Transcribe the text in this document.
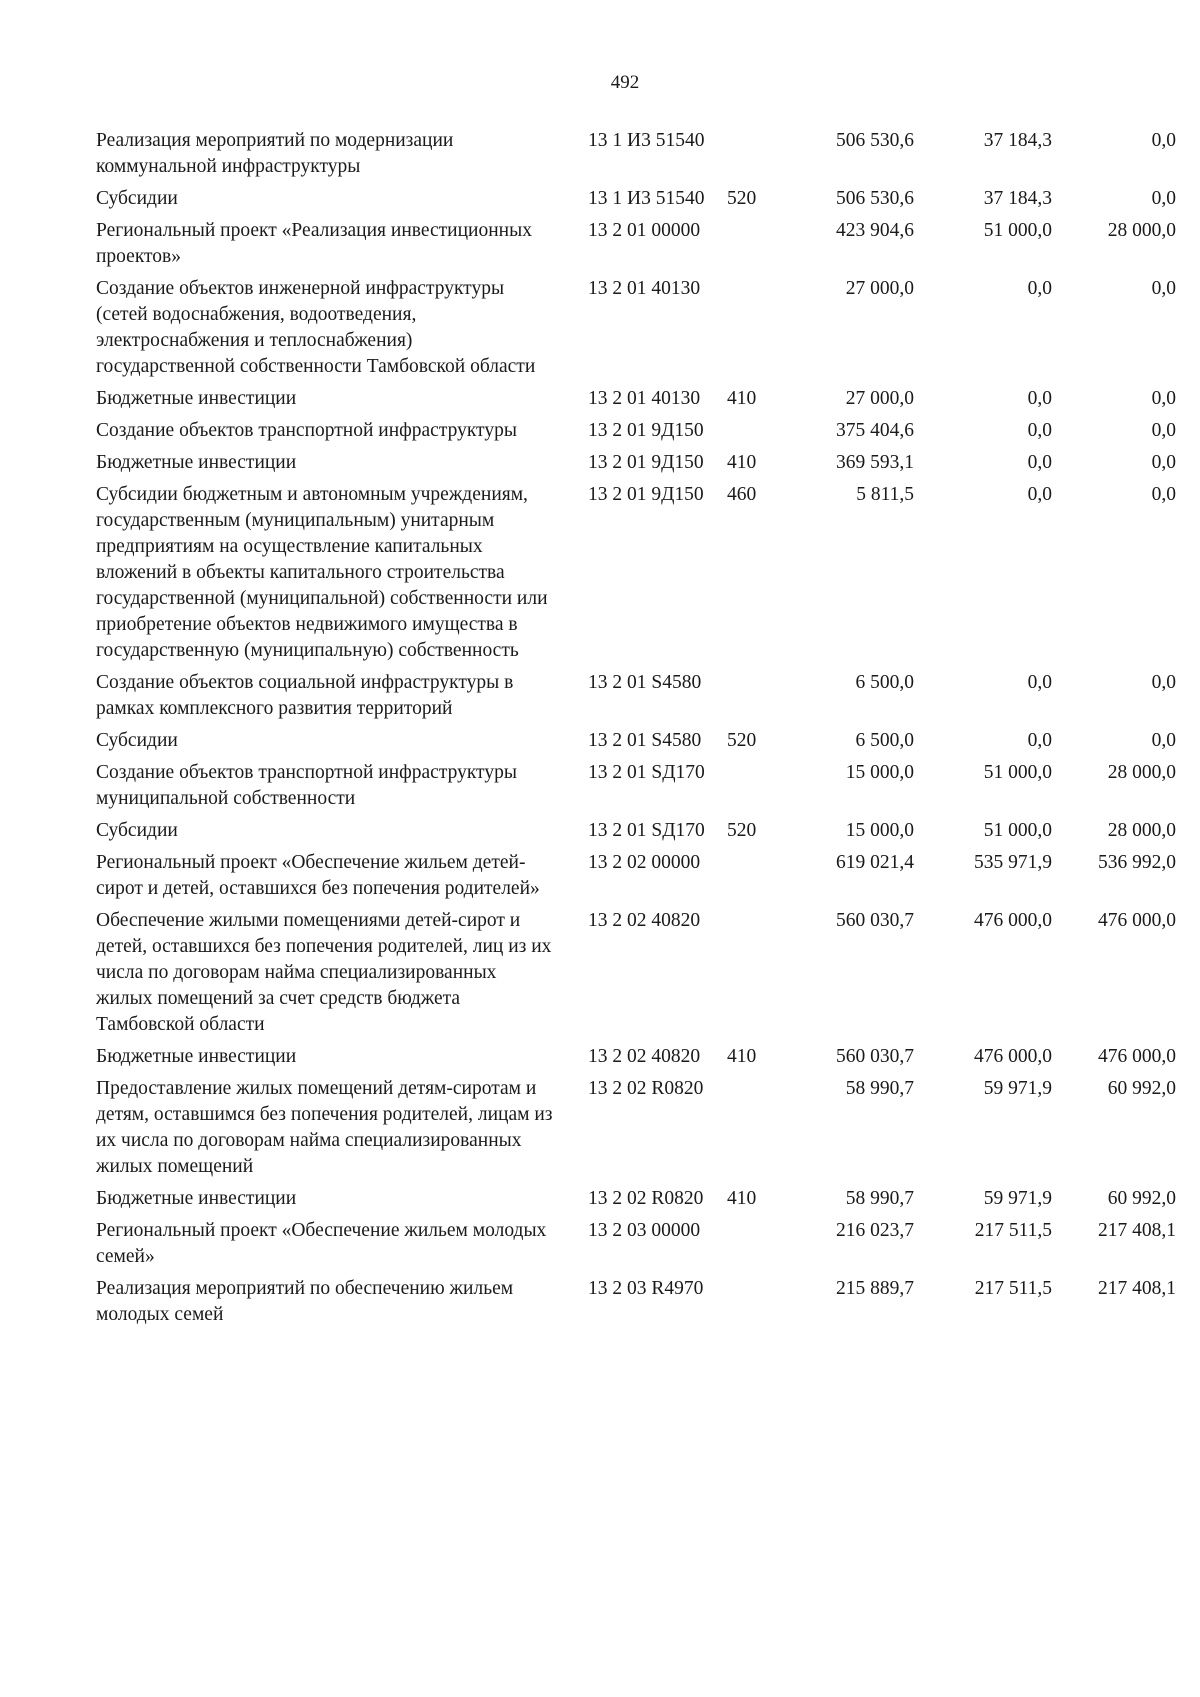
492
Реализация мероприятий по модернизации коммунальной инфраструктуры	13 1 И3 51540		506 530,6	37 184,3	0,0
Субсидии	13 1 И3 51540	520	506 530,6	37 184,3	0,0
Региональный проект «Реализация инвестиционных проектов»	13 2 01 00000		423 904,6	51 000,0	28 000,0
Создание объектов инженерной инфраструктуры (сетей водоснабжения, водоотведения, электроснабжения и теплоснабжения) государственной собственности Тамбовской области	13 2 01 40130		27 000,0	0,0	0,0
Бюджетные инвестиции	13 2 01 40130	410	27 000,0	0,0	0,0
Создание объектов транспортной инфраструктуры	13 2 01 9Д150		375 404,6	0,0	0,0
Бюджетные инвестиции	13 2 01 9Д150	410	369 593,1	0,0	0,0
Субсидии бюджетным и автономным учреждениям, государственным (муниципальным) унитарным предприятиям на осуществление капитальных вложений в объекты капитального строительства государственной (муниципальной) собственности или приобретение объектов недвижимого имущества в государственную (муниципальную) собственность	13 2 01 9Д150	460	5 811,5	0,0	0,0
Создание объектов социальной инфраструктуры в рамках комплексного развития территорий	13 2 01 S4580		6 500,0	0,0	0,0
Субсидии	13 2 01 S4580	520	6 500,0	0,0	0,0
Создание объектов транспортной инфраструктуры муниципальной собственности	13 2 01 SД170		15 000,0	51 000,0	28 000,0
Субсидии	13 2 01 SД170	520	15 000,0	51 000,0	28 000,0
Региональный проект «Обеспечение жильем детей-сирот и детей, оставшихся без попечения родителей»	13 2 02 00000		619 021,4	535 971,9	536 992,0
Обеспечение жилыми помещениями детей-сирот и детей, оставшихся без попечения родителей, лиц из их числа по договорам найма специализированных жилых помещений за счет средств бюджета Тамбовской области	13 2 02 40820		560 030,7	476 000,0	476 000,0
Бюджетные инвестиции	13 2 02 40820	410	560 030,7	476 000,0	476 000,0
Предоставление жилых помещений детям-сиротам и детям, оставшимся без попечения родителей, лицам из их числа по договорам найма специализированных жилых помещений	13 2 02 R0820		58 990,7	59 971,9	60 992,0
Бюджетные инвестиции	13 2 02 R0820	410	58 990,7	59 971,9	60 992,0
Региональный проект «Обеспечение жильем молодых семей»	13 2 03 00000		216 023,7	217 511,5	217 408,1
Реализация мероприятий по обеспечению жильем молодых семей	13 2 03 R4970		215 889,7	217 511,5	217 408,1
